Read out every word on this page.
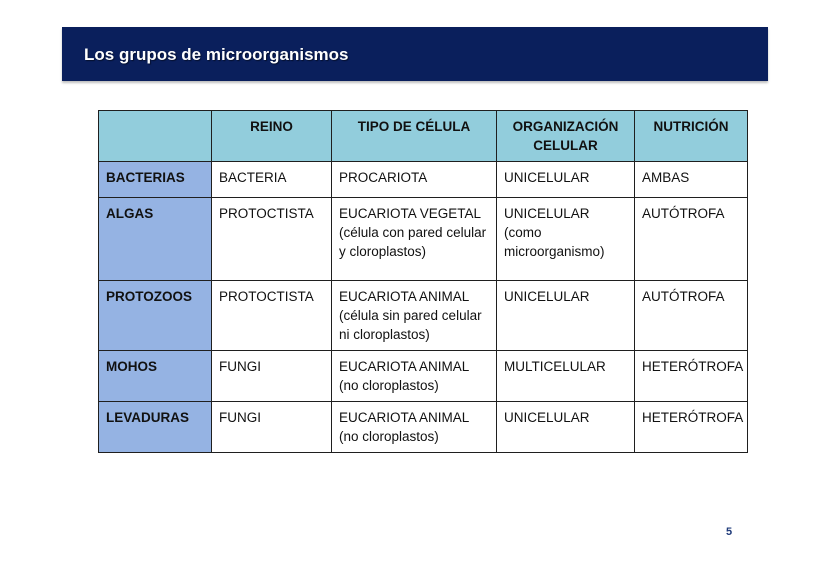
Los grupos de microorganismos
	REINO	TIPO DE CÉLULA	ORGANIZACIÓN CELULAR	NUTRICIÓN
BACTERIAS	BACTERIA	PROCARIOTA	UNICELULAR	AMBAS
ALGAS	PROTOCTISTA	EUCARIOTA VEGETAL (célula con pared celular y cloroplastos)	UNICELULAR (como microorganismo)	AUTÓTROFA
PROTOZOOS	PROTOCTISTA	EUCARIOTA ANIMAL (célula sin pared celular ni cloroplastos)	UNICELULAR	AUTÓTROFA
MOHOS	FUNGI	EUCARIOTA ANIMAL (no cloroplastos)	MULTICELULAR	HETERÓTROFA
LEVADURAS	FUNGI	EUCARIOTA ANIMAL (no cloroplastos)	UNICELULAR	HETERÓTROFA
5
